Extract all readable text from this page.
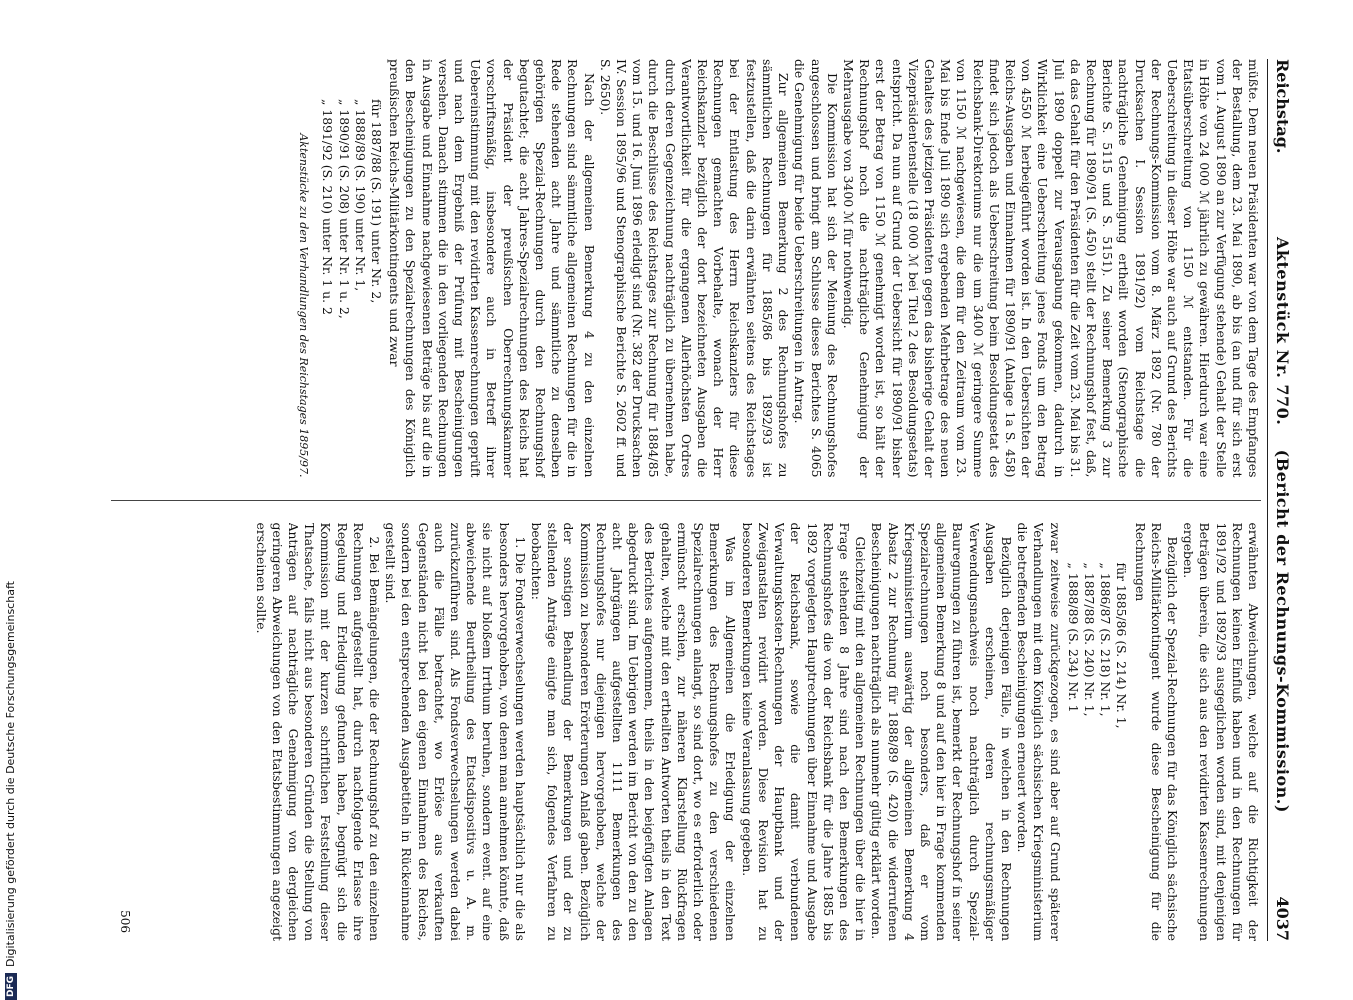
DFG
Digitalisierung gefördert durch die Deutsche Forschungsgemeinschaft
Reichstag.
Aktenstück Nr. 770.    (Bericht der Rechnungs-Kommission.)
4037

müßte. Dem neuen Präsidenten war von dem Tage des Empfanges der Bestallung, dem 23. Mai 1890, ab bis (an und für sich erst vom 1. August 1890 an zur Verfügung stehende) Gehalt der Stelle in Höhe von 24 000 ℳ jährlich zu gewähren. Hierdurch war eine Etatsüberschreitung von 1150 ℳ entstanden. Für die Ueberschreitung in dieser Höhe war auch auf Grund des Berichts der Rechnungs-Kommission vom 8. März 1892 (Nr. 780 der Drucksachen I. Session 1891/92) vom Reichstage die nachträgliche Genehmigung ertheilt worden (Stenographische Berichte S. 5115 und S. 5151). Zu seiner Bemerkung 3 zur Rechnung für 1890/91 (S. 450) stellt der Rechnungshof fest, daß, da das Gehalt für den Präsidenten für die Zeit vom 23. Mai bis 31. Juli 1890 doppelt zur Verausgabung gekommen, dadurch in Wirklichkeit eine Ueberschreitung jenes Fonds um den Betrag von 4550 ℳ herbeigeführt worden ist. In den Uebersichten der Reichs-Ausgaben und Einnahmen für 1890/91 (Anlage 1a S. 458) findet sich jedoch als Ueberschreitung beim Besoldungsetat des Reichsbank-Direktoriums nur die um 3400 ℳ geringere Summe von 1150 ℳ nachgewiesen, die dem für den Zeitraum vom 23. Mai bis Ende Juli 1890 sich ergebenden Mehrbetrage des neuen Gehaltes des jetzigen Präsidenten gegen das bisherige Gehalt der Vizepräsidentenstelle (18 000 ℳ bei Titel 2 des Besoldungsetats) entspricht. Da nun auf Grund der Uebersicht für 1890/91 bisher erst der Betrag von 1150 ℳ genehmigt worden ist, so hält der Rechnungshof noch die nachträgliche Genehmigung der Mehrausgabe von 3400 ℳ für nothwendig.

Die Kommission hat sich der Meinung des Rechnungshofes angeschlossen und bringt am Schlusse dieses Berichtes S. 4065 die Genehmigung für beide Ueberschreitungen in Antrag.

Zur allgemeinen Bemerkung 2 des Rechnungshofes zu sämmtlichen Rechnungen für 1885/86 bis 1892/93 ist festzustellen, daß die darin erwähnten seitens des Reichstages bei der Entlastung des Herrn Reichskanzlers für diese Rechnungen gemachten Vorbehalte, wonach der Herr Reichskanzler bezüglich der dort bezeichneten Ausgaben die Verantwortlichkeit für die ergangenen Allerhöchsten Ordres durch deren Gegenzeichnung nachträglich zu übernehmen habe, durch die Beschlüsse des Reichstages zur Rechnung für 1884/85 vom 15. und 16. Juni 1896 erledigt sind (Nr. 382 der Drucksachen IV. Session 1895/96 und Stenographische Berichte S. 2602 ff. und S. 2650).

Nach der allgemeinen Bemerkung 4 zu den einzelnen Rechnungen sind sämmtliche allgemeinen Rechnungen für die in Rede stehenden acht Jahre und sämmtliche zu denselben gehörigen Spezial-Rechnungen durch den Rechnungshof begutachtet; die acht Jahres-Spezialrechnungen des Reichs hat der Präsident der preußischen Oberrechnungskammer vorschriftsmäßig, insbesondere auch in Betreff ihrer Uebereinstimmung mit den revidirten Kassenrechnungen geprüft und nach dem Ergebniß der Prüfung mit Bescheinigungen versehen. Danach stimmen die in den vorliegenden Rechnungen in Ausgabe und Einnahme nachgewiesenen Beträge bis auf die in den Bescheinigungen zu den Spezialrechnungen des Königlich preußischen Reichs-Militärkontingents und zwar

für 1887/88 (S. 191) unter Nr. 2,
„ 1888/89 (S. 190) unter Nr. 1,
„ 1890/91 (S. 208) unter Nr. 1 u. 2,
„ 1891/92 (S. 210) unter Nr. 1 u. 2
Aktenstücke zu den Verhandlungen des Reichstages 1895/97.

erwähnten Abweichungen, welche auf die Richtigkeit der Rechnungen keinen Einfluß haben und in den Rechnungen für 1891/92 und 1892/93 ausgeglichen worden sind, mit denjenigen Beträgen überein, die sich aus den revidirten Kassenrechnungen ergeben.

Bezüglich der Spezial-Rechnungen für das Königlich sächsische Reichs-Militärkontingent wurde diese Bescheinigung für die Rechnungen

für 1885/86 (S. 214) Nr. 1,
„ 1886/87 (S. 218) Nr. 1,
„ 1887/88 (S. 240) Nr. 1,
„ 1888/89 (S. 234) Nr. 1

zwar zeitweise zurückgezogen, es sind aber auf Grund späterer Verhandlungen mit dem Königlich sächsischen Kriegsministerium die betreffenden Bescheinigungen erneuert worden.

Bezüglich derjenigen Fälle, in welchen in den Rechnungen Ausgaben erscheinen, deren rechnungsmäßiger Verwendungsnachweis noch nachträglich durch Spezial-Bauregnungen zu führen ist, bemerkt der Rechnungshof in seiner allgemeinen Bemerkung 8 und auf den hier in Frage kommenden Spezialrechnungen noch besonders, daß er vom Kriegsministerium auswärtig der allgemeinen Bemerkung 4 Absatz 2 zur Rechnung für 1888/89 (S. 420) die widerrufenen Bescheinigungen nachträglich als nunmehr gültig erklärt worden.

Gleichzeitig mit den allgemeinen Rechnungen über die hier in Frage stehenden 8 Jahre sind nach den Bemerkungen des Rechnungshofes die von der Reichsbank für die Jahre 1885 bis 1892 vorgelegten Hauptrechnungen über Einnahme und Ausgabe der Reichsbank, sowie die damit verbundenen Verwaltungskosten-Rechnungen der Hauptbank und der Zweiganstalten revidirt worden. Diese Revision hat zu besonderen Bemerkungen keine Veranlassung gegeben.

Was im Allgemeinen die Erledigung der einzelnen Bemerkungen des Rechnungshofes zu den verschiedenen Spezialrechnungen anlangt, so sind dort, wo es erforderlich oder ermünscht erschien, zur näheren Klarstellung Rückfragen gehalten, welche mit den ertheilten Antworten theils in den Text des Berichtes aufgenommen, theils in den beigefügten Anlagen abgedruckt sind. Im Uebrigen werden im Bericht von den zu den acht Jahrgängen aufgestellten 1111 Bemerkungen des Rechnungshofes nur diejenigen hervorgehoben, welche der Kommission zu besonderen Erörterungen Anlaß gaben. Bezüglich der sonstigen Behandlung der Bemerkungen und der zu stellenden Anträge einigte man sich, folgendes Verfahren zu beobachten:

1. Die Fondsverwechselungen werden hauptsächlich nur die als besonders hervorgehoben, von denen man annehmen könnte, daß sie nicht auf bloßem Irrthum beruhen, sondern event. auf eine abweichende Beurtheilung des Etatsdispositivs u. A. m. zurückzuführen sind. Als Fondsverwechselungen werden dabei auch die Fälle betrachtet, wo Erlöse aus verkauften Gegenständen nicht bei den eigenen Einnahmen des Reiches, sondern bei den entsprechenden Ausgabetiteln in Rückeinnahme gestellt sind.

2. Bei Bemängelungen, die der Rechnungshof zu den einzelnen Rechnungen aufgestellt hat, durch nachfolgende Erlasse ihre Regelung und Erledigung gefunden haben, begnügt sich die Kommission mit der kurzen schriftlichen Feststellung dieser Thatsache, falls nicht aus besonderen Gründen die Stellung von Anträgen auf nachträgliche Genehmigung von dergleichen geringeren Abweichungen von den Etatsbestimmungen angezeigt erscheinen sollte.

506
